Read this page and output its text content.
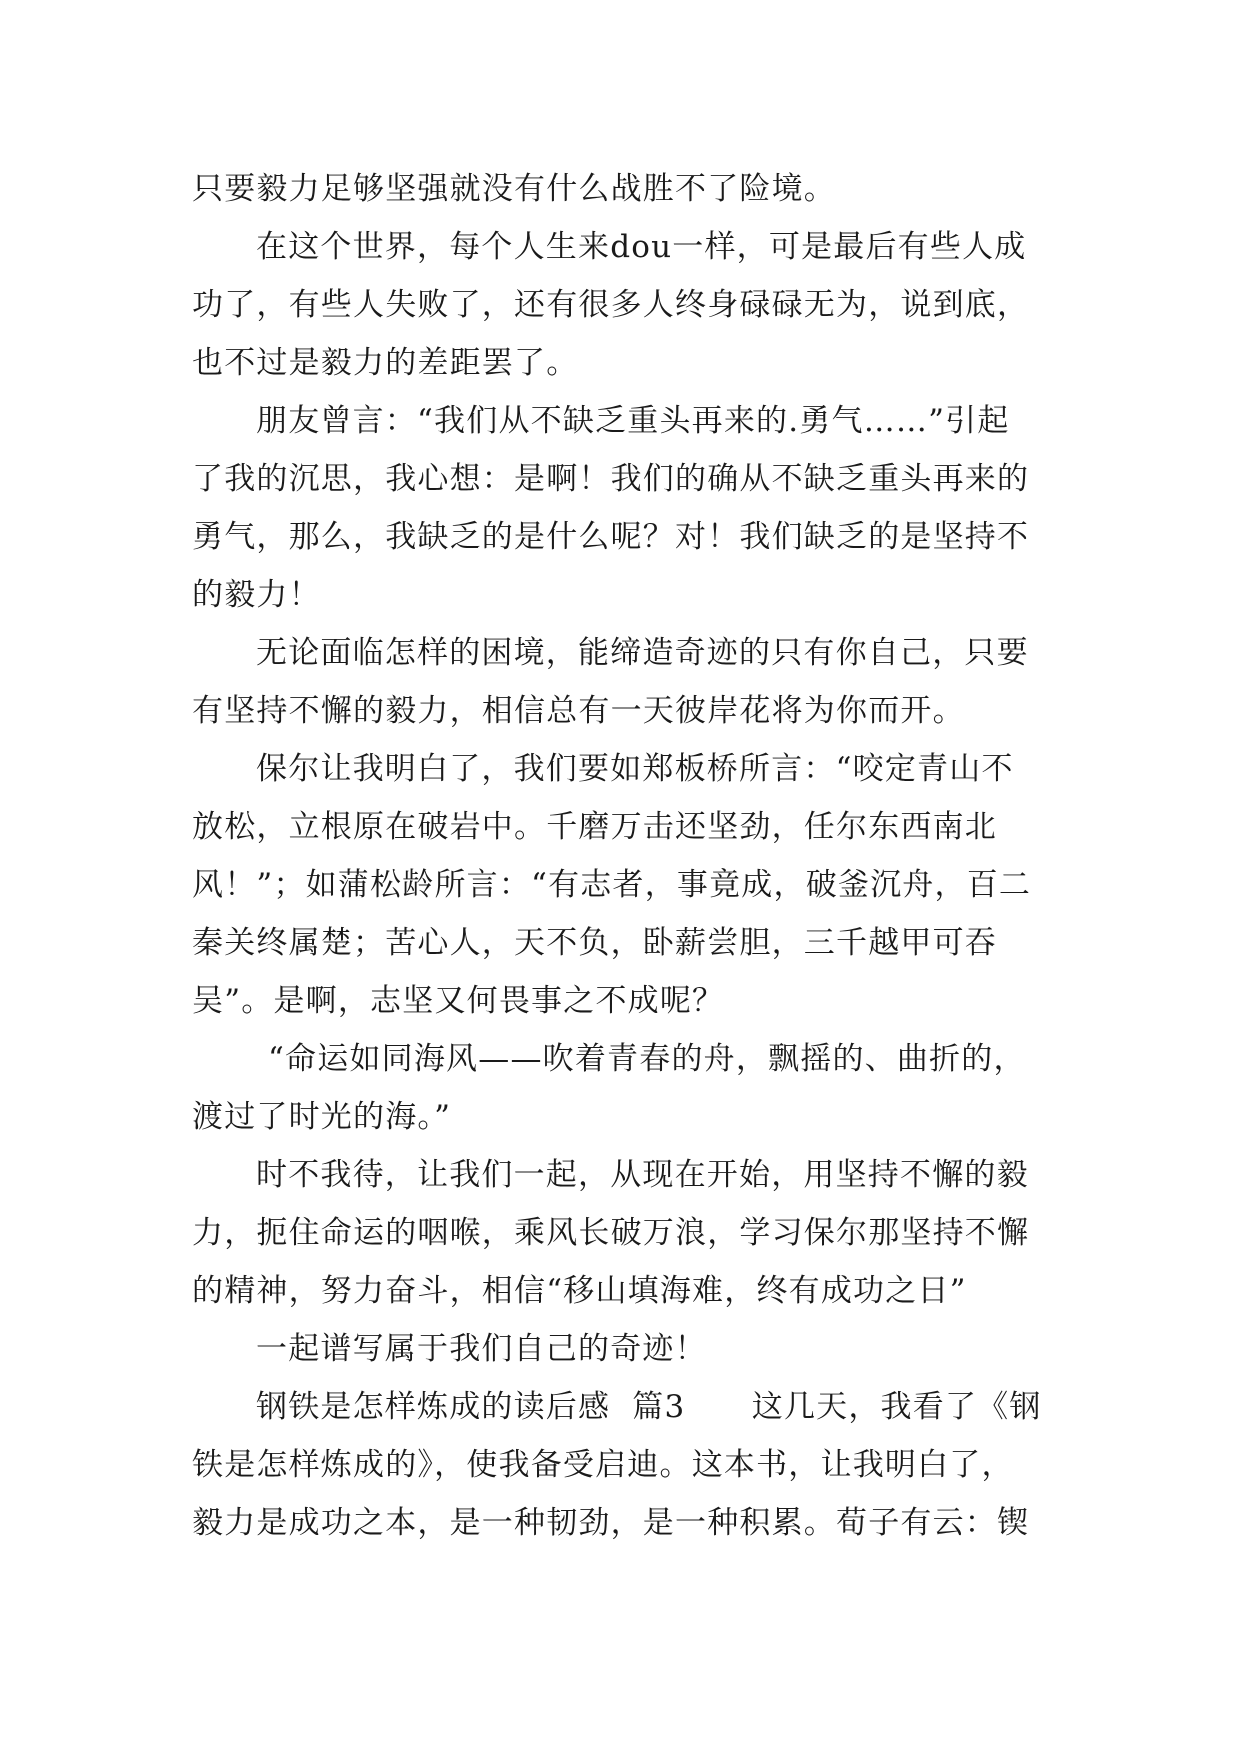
只要毅力足够坚强就没有什么战胜不了险境。
在这个世界，每个人生来dou一样，可是最后有些人成
功了，有些人失败了，还有很多人终身碌碌无为，说到底，
也不过是毅力的差距罢了。
朋友曾言：“我们从不缺乏重头再来的.勇气……”引起
了我的沉思，我心想：是啊！我们的确从不缺乏重头再来的
勇气，那么，我缺乏的是什么呢？对！我们缺乏的是坚持不
的毅力！
无论面临怎样的困境，能缔造奇迹的只有你自己，只要
有坚持不懈的毅力，相信总有一天彼岸花将为你而开。
保尔让我明白了，我们要如郑板桥所言：“咬定青山不
放松，立根原在破岩中。千磨万击还坚劲，任尔东西南北
风！”；如蒲松龄所言：“有志者，事竟成，破釜沉舟，百二
秦关终属楚；苦心人，天不负，卧薪尝胆，三千越甲可吞
吴”。是啊，志坚又何畏事之不成呢？
“命运如同海风——吹着青春的舟，飘摇的、曲折的，
渡过了时光的海。”
时不我待，让我们一起，从现在开始，用坚持不懈的毅
力，扼住命运的咽喉，乘风长破万浪，学习保尔那坚持不懈
的精神，努力奋斗，相信“移山填海难，终有成功之日”
一起谱写属于我们自己的奇迹！
钢铁是怎样炼成的读后感  篇3      这几天，我看了《钢
铁是怎样炼成的》，使我备受启迪。这本书，让我明白了，
毅力是成功之本，是一种韧劲，是一种积累。荀子有云：锲
